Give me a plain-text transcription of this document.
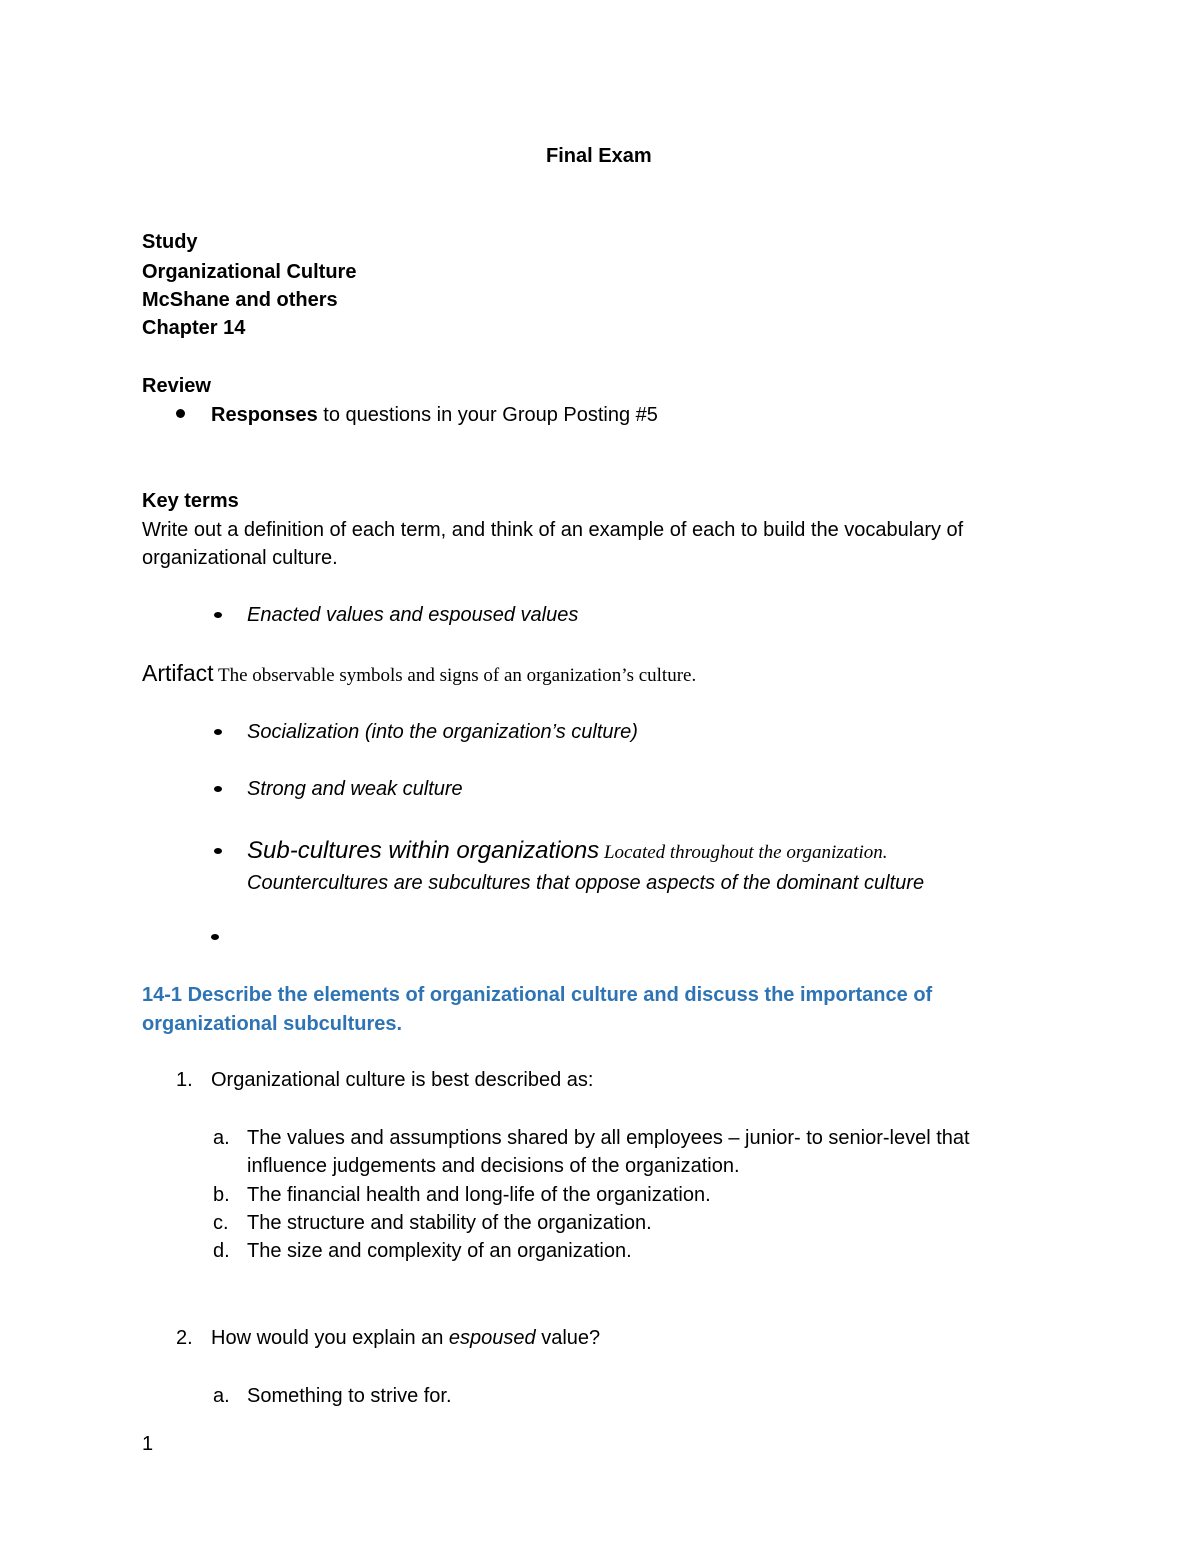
Final Exam
Study
Organizational Culture
McShane and others
Chapter 14
Review
Responses to questions in your Group Posting #5
Key terms
Write out a definition of each term, and think of an example of each to build the vocabulary of
organizational culture.
Enacted values and espoused values
Artifact The observable symbols and signs of an organization’s culture.
Socialization (into the organization’s culture)
Strong and weak culture
Sub-cultures within organizations Located throughout the organization.
Countercultures are subcultures that oppose aspects of the dominant culture
14-1 Describe the elements of organizational culture and discuss the importance of
organizational subcultures.
1. Organizational culture is best described as:
a. The values and assumptions shared by all employees – junior- to senior-level that
influence judgements and decisions of the organization.
b. The financial health and long-life of the organization.
c. The structure and stability of the organization.
d. The size and complexity of an organization.
2. How would you explain an espoused value?
a. Something to strive for.
1
